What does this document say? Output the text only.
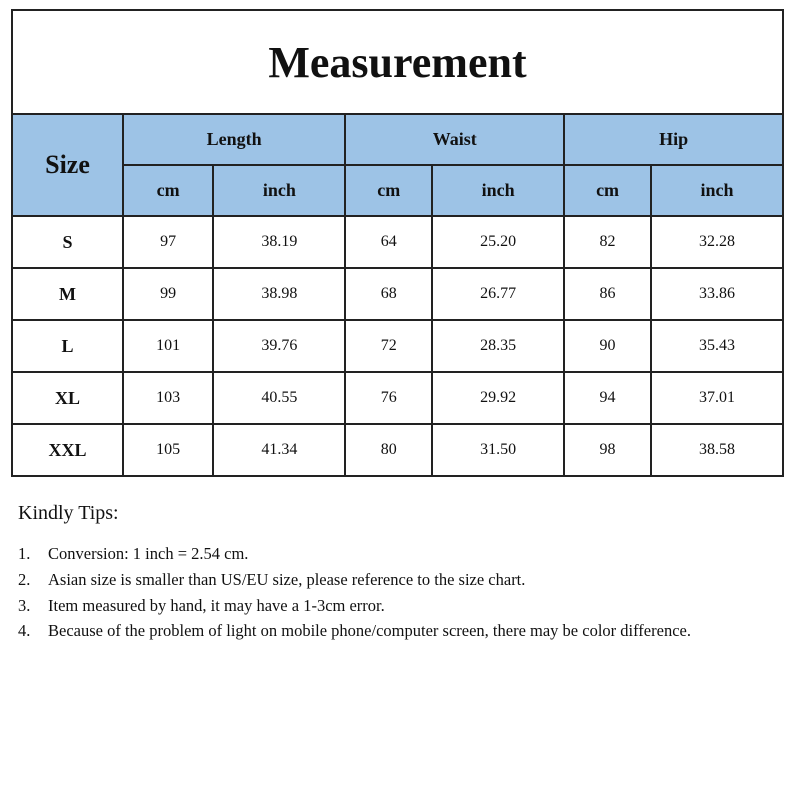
Measurement						
Size	Length		Waist		Hip	
	cm	inch	cm	inch	cm	inch
S	97	38.19	64	25.20	82	32.28
M	99	38.98	68	26.77	86	33.86
L	101	39.76	72	28.35	90	35.43
XL	103	40.55	76	29.92	94	37.01
XXL	105	41.34	80	31.50	98	38.58
Kindly Tips:
1.	Conversion: 1 inch = 2.54 cm.
2.	Asian size is smaller than US/EU size, please reference to the size chart.
3.	Item measured by hand, it may have a 1-3cm error.
4.	Because of the problem of light on mobile phone/computer screen, there may be color difference.
